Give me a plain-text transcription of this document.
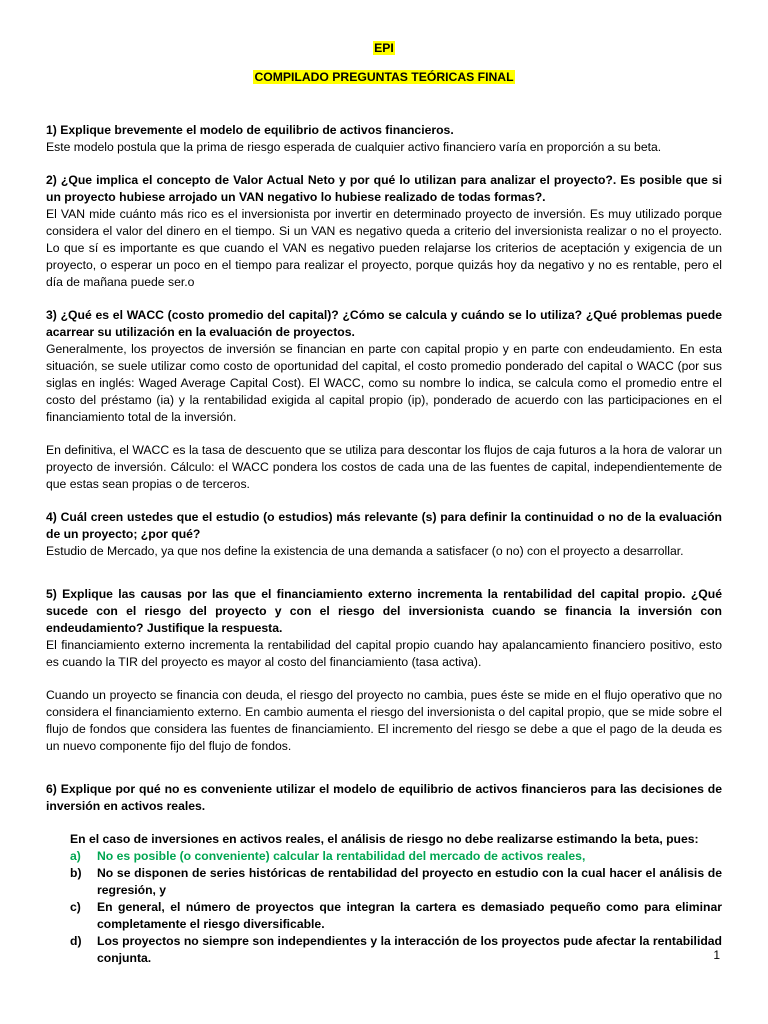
EPI
COMPILADO PREGUNTAS TEÓRICAS FINAL
1) Explique brevemente el modelo de equilibrio de activos financieros.
Este modelo postula que la prima de riesgo esperada de cualquier activo financiero varía en proporción a su beta.
2) ¿Que implica el concepto de Valor Actual Neto y por qué lo utilizan para analizar el proyecto?. Es posible que si un proyecto hubiese arrojado un VAN negativo lo hubiese realizado de todas formas?.
El VAN mide cuánto más rico es el inversionista por invertir en determinado proyecto de inversión. Es muy utilizado porque considera el valor del dinero en el tiempo. Si un VAN es negativo queda a criterio del inversionista realizar o no el proyecto. Lo que sí es importante es que cuando el VAN es negativo pueden relajarse los criterios de aceptación y exigencia de un proyecto, o esperar un poco en el tiempo para realizar el proyecto, porque quizás hoy da negativo y no es rentable, pero el día de mañana puede ser.o
3) ¿Qué es el WACC (costo promedio del capital)? ¿Cómo se calcula y cuándo se lo utiliza? ¿Qué problemas puede acarrear su utilización en la evaluación de proyectos.
Generalmente, los proyectos de inversión se financian en parte con capital propio y en parte con endeudamiento. En esta situación, se suele utilizar como costo de oportunidad del capital, el costo promedio ponderado del capital o WACC (por sus siglas en inglés: Waged Average Capital Cost). El WACC, como su nombre lo indica, se calcula como el promedio entre el costo del préstamo (ia) y la rentabilidad exigida al capital propio (ip), ponderado de acuerdo con las participaciones en el financiamiento total de la inversión.
En definitiva, el WACC es la tasa de descuento que se utiliza para descontar los flujos de caja futuros a la hora de valorar un proyecto de inversión. Cálculo: el WACC pondera los costos de cada una de las fuentes de capital, independientemente de que estas sean propias o de terceros.
4) Cuál creen ustedes que el estudio (o estudios) más relevante (s) para definir la continuidad o no de la evaluación de un proyecto; ¿por qué?
Estudio de Mercado, ya que nos define la existencia de una demanda a satisfacer (o no) con el proyecto a desarrollar.
5) Explique las causas por las que el financiamiento externo incrementa la rentabilidad del capital propio. ¿Qué sucede con el riesgo del proyecto y con el riesgo del inversionista cuando se financia la inversión con endeudamiento? Justifique la respuesta.
El financiamiento externo incrementa la rentabilidad del capital propio cuando hay apalancamiento financiero positivo, esto es cuando la TIR del proyecto es mayor al costo del financiamiento (tasa activa).
Cuando un proyecto se financia con deuda, el riesgo del proyecto no cambia, pues éste se mide en el flujo operativo que no considera el financiamiento externo. En cambio aumenta el riesgo del inversionista o del capital propio, que se mide sobre el flujo de fondos que considera las fuentes de financiamiento. El incremento del riesgo se debe a que el pago de la deuda es un nuevo componente fijo del flujo de fondos.
6) Explique por qué no es conveniente utilizar el modelo de equilibrio de activos financieros para las decisiones de inversión en activos reales.
En el caso de inversiones en activos reales, el análisis de riesgo no debe realizarse estimando la beta, pues:
a) No es posible (o conveniente) calcular la rentabilidad del mercado de activos reales,
b) No se disponen de series históricas de rentabilidad del proyecto en estudio con la cual hacer el análisis de regresión, y
c) En general, el número de proyectos que integran la cartera es demasiado pequeño como para eliminar completamente el riesgo diversificable.
d) Los proyectos no siempre son independientes y la interacción de los proyectos pude afectar la rentabilidad conjunta.	1
